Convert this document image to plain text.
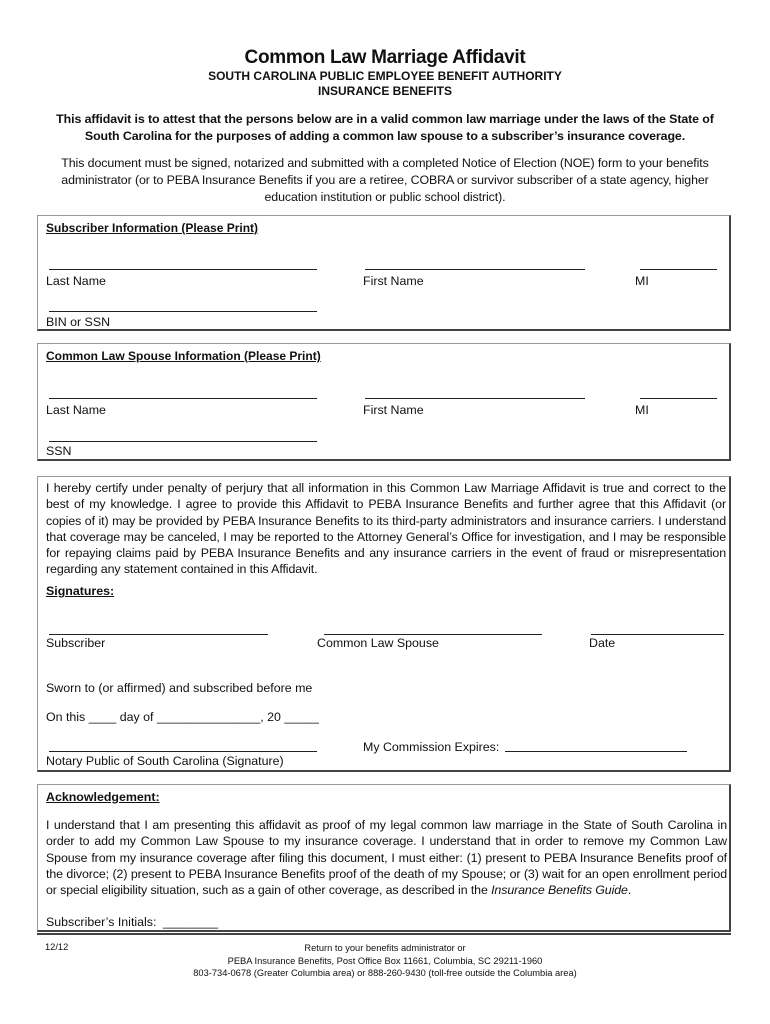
Common Law Marriage Affidavit
SOUTH CAROLINA PUBLIC EMPLOYEE BENEFIT AUTHORITY
INSURANCE BENEFITS
This affidavit is to attest that the persons below are in a valid common law marriage under the laws of the State of South Carolina for the purposes of adding a common law spouse to a subscriber’s insurance coverage.
This document must be signed, notarized and submitted with a completed Notice of Election (NOE) form to your benefits administrator (or to PEBA Insurance Benefits if you are a retiree, COBRA or survivor subscriber of a state agency, higher education institution or public school district).
Subscriber Information (Please Print)
Last Name	First Name	MI
BIN or SSN
Common Law Spouse Information (Please Print)
Last Name	First Name	MI
SSN
I hereby certify under penalty of perjury that all information in this Common Law Marriage Affidavit is true and correct to the best of my knowledge. I agree to provide this Affidavit to PEBA Insurance Benefits and further agree that this Affidavit (or copies of it) may be provided by PEBA Insurance Benefits to its third-party administrators and insurance carriers. I understand that coverage may be canceled, I may be reported to the Attorney General’s Office for investigation, and I may be responsible for repaying claims paid by PEBA Insurance Benefits and any insurance carriers in the event of fraud or misrepresentation regarding any statement contained in this Affidavit.
Signatures:
Subscriber	Common Law Spouse	Date
Sworn to (or affirmed) and subscribed before me
On this ____ day of _______________, 20 _____
My Commission Expires:
Notary Public of South Carolina (Signature)
Acknowledgement:
I understand that I am presenting this affidavit as proof of my legal common law marriage in the State of South Carolina in order to add my Common Law Spouse to my insurance coverage. I understand that in order to remove my Common Law Spouse from my insurance coverage after filing this document, I must either: (1) present to PEBA Insurance Benefits proof of the divorce; (2) present to PEBA Insurance Benefits proof of the death of my Spouse; or (3) wait for an open enrollment period or special eligibility situation, such as a gain of other coverage, as described in the Insurance Benefits Guide.
Subscriber’s Initials: ________
12/12	Return to your benefits administrator or
PEBA Insurance Benefits, Post Office Box 11661, Columbia, SC 29211-1960
803-734-0678 (Greater Columbia area) or 888-260-9430 (toll-free outside the Columbia area)
